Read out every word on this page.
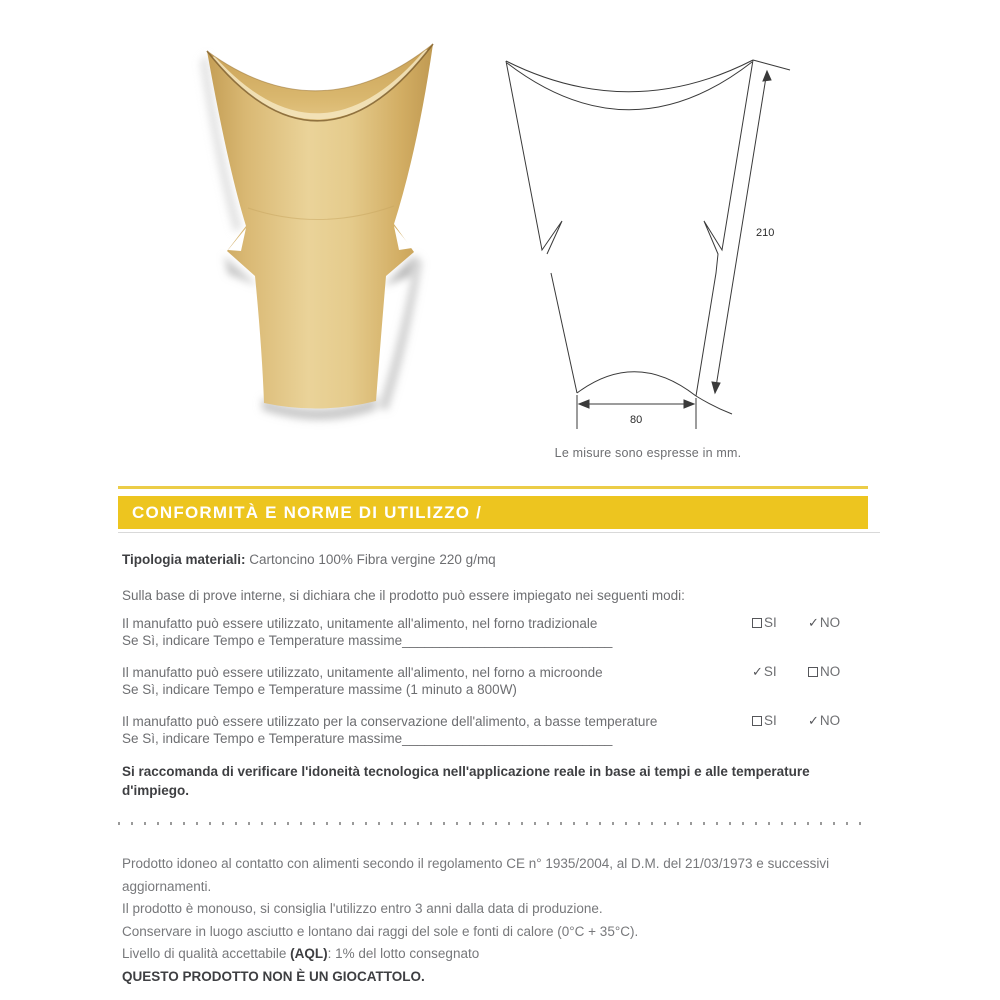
210
80
Le misure sono espresse in mm.
CONFORMITÀ E NORME DI UTILIZZO /
Tipologia materiali: Cartoncino 100% Fibra vergine 220 g/mq
Sulla base di prove interne, si dichiara che il prodotto può essere impiegato nei seguenti modi:
Il manufatto può essere utilizzato, unitamente all'alimento, nel forno tradizionale
Se Sì, indicare Tempo e Temperature massime____________________________
SI ✓NO
Il manufatto può essere utilizzato, unitamente all'alimento, nel forno a microonde
Se Sì, indicare Tempo e Temperature massime (1 minuto a 800W)
✓SI	NO
Il manufatto può essere utilizzato per la conservazione dell'alimento, a basse temperature
Se Sì, indicare Tempo e Temperature massime____________________________
SI ✓NO
Si raccomanda di verificare l'idoneità tecnologica nell'applicazione reale in base ai tempi e alle temperature d'impiego.
Prodotto idoneo al contatto con alimenti secondo il regolamento CE n° 1935/2004, al D.M. del 21/03/1973 e successivi aggiornamenti.
Il prodotto è monouso, si consiglia l'utilizzo entro 3 anni dalla data di produzione.
Conservare in luogo asciutto e lontano dai raggi del sole e fonti di calore (0°C + 35°C).
Livello di qualità accettabile (AQL): 1% del lotto consegnato
QUESTO PRODOTTO NON È UN GIOCATTOLO.
